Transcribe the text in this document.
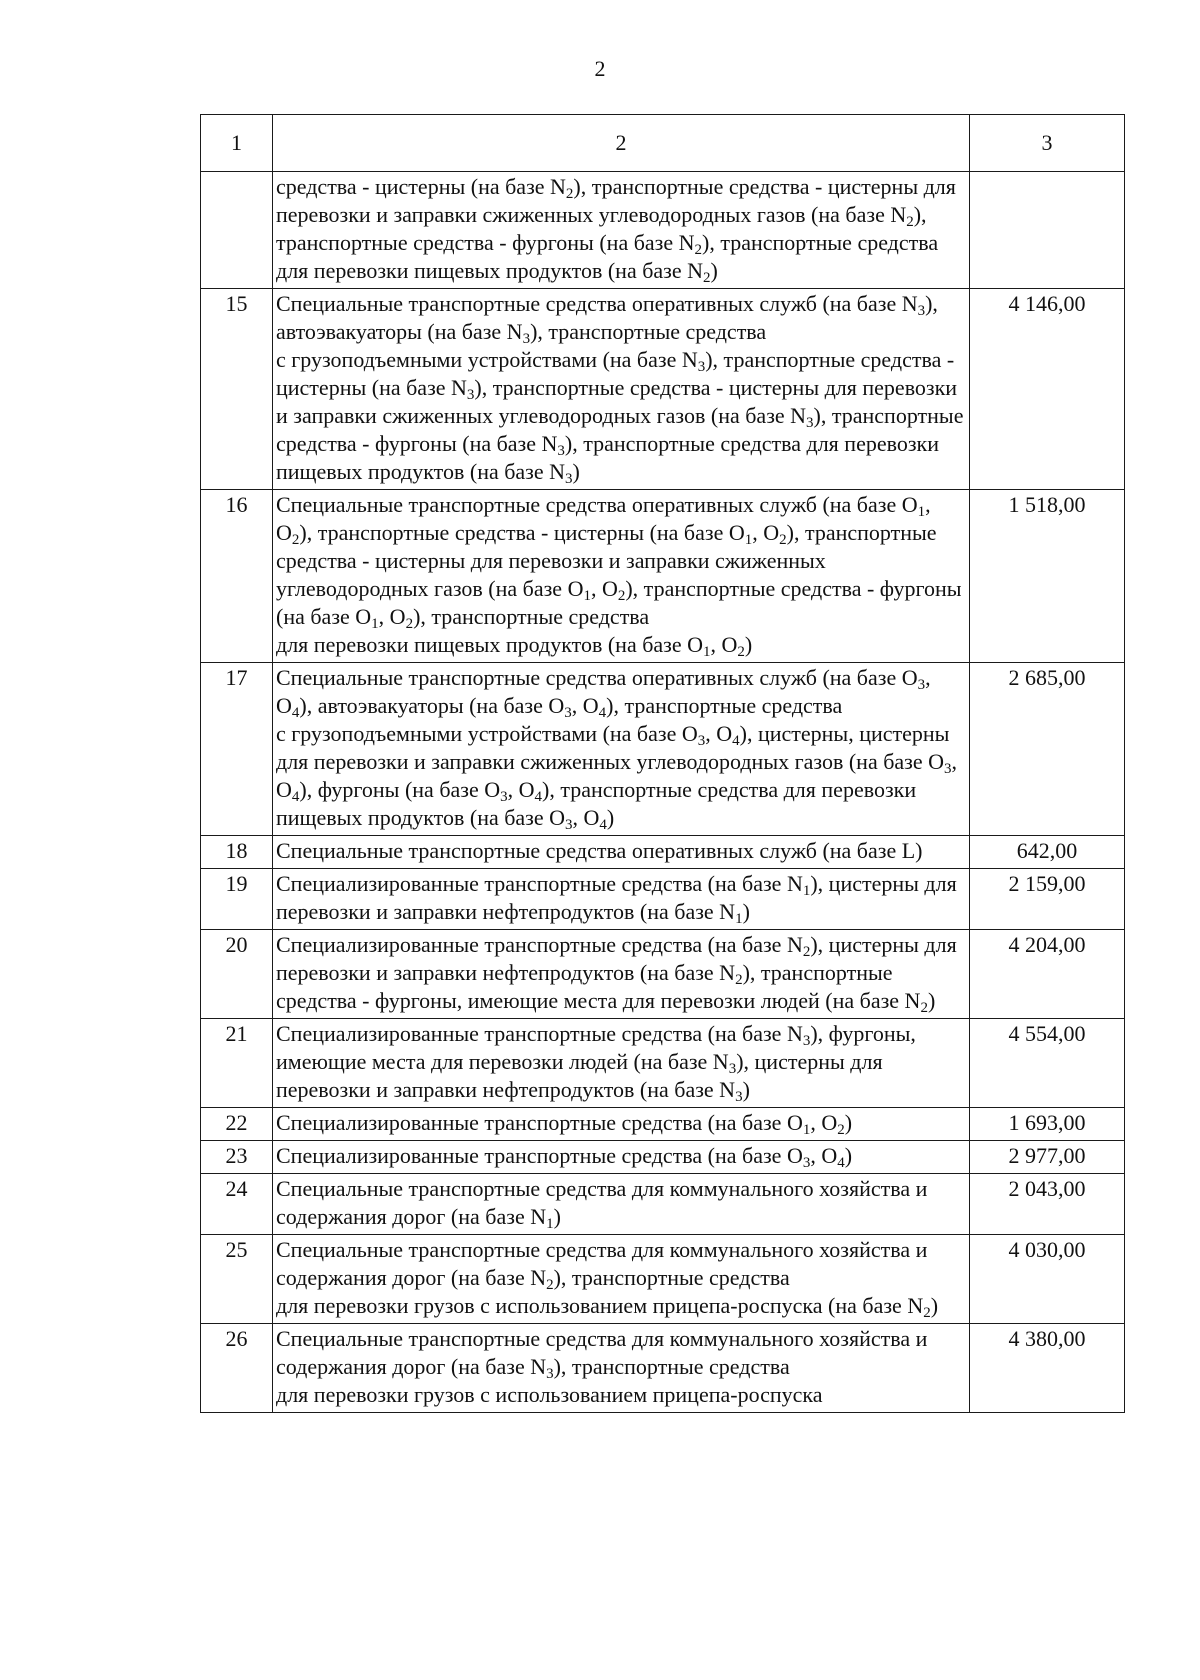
2
1	2	3
	средства - цистерны (на базе $N_2$), транспортные средства - цистерны для перевозки и заправки сжиженных углеводородных газов (на базе $N_2$), транспортные средства - фургоны (на базе $N_2$), транспортные средства для перевозки пищевых продуктов (на базе $N_2$)	
15	Специальные транспортные средства оперативных служб (на базе $N_3$), автоэвакуаторы (на базе $N_3$), транспортные средства
с грузоподъемными устройствами (на базе $N_3$), транспортные средства - цистерны (на базе $N_3$), транспортные средства - цистерны для перевозки и заправки сжиженных углеводородных газов (на базе $N_3$), транспортные средства - фургоны (на базе $N_3$), транспортные средства для перевозки пищевых продуктов (на базе $N_3$)	4 146,00
16	Специальные транспортные средства оперативных служб (на базе $O_1$, $O_2$), транспортные средства - цистерны (на базе $O_1$, $O_2$), транспортные средства - цистерны для перевозки и заправки сжиженных углеводородных газов (на базе $O_1$, $O_2$), транспортные средства - фургоны (на базе $O_1$, $O_2$), транспортные средства
для перевозки пищевых продуктов (на базе $O_1$, $O_2$)	1 518,00
17	Специальные транспортные средства оперативных служб (на базе $O_3$, $O_4$), автоэвакуаторы (на базе $O_3$, $O_4$), транспортные средства
с грузоподъемными устройствами (на базе $O_3$, $O_4$), цистерны, цистерны для перевозки и заправки сжиженных углеводородных газов (на базе $O_3$, $O_4$), фургоны (на базе $O_3$, $O_4$), транспортные средства для перевозки пищевых продуктов (на базе $O_3$, $O_4$)	2 685,00
18	Специальные транспортные средства оперативных служб (на базе L)	642,00
19	Специализированные транспортные средства (на базе $N_1$), цистерны для перевозки и заправки нефтепродуктов (на базе $N_1$)	2 159,00
20	Специализированные транспортные средства (на базе $N_2$), цистерны для перевозки и заправки нефтепродуктов (на базе $N_2$), транспортные средства - фургоны, имеющие места для перевозки людей (на базе $N_2$)	4 204,00
21	Специализированные транспортные средства (на базе $N_3$), фургоны, имеющие места для перевозки людей (на базе $N_3$), цистерны для перевозки и заправки нефтепродуктов (на базе $N_3$)	4 554,00
22	Специализированные транспортные средства (на базе $O_1$, $O_2$)	1 693,00
23	Специализированные транспортные средства (на базе $O_3$, $O_4$)	2 977,00
24	Специальные транспортные средства для коммунального хозяйства и содержания дорог (на базе $N_1$)	2 043,00
25	Специальные транспортные средства для коммунального хозяйства и содержания дорог (на базе $N_2$), транспортные средства
для перевозки грузов с использованием прицепа-роспуска (на базе $N_2$)	4 030,00
26	Специальные транспортные средства для коммунального хозяйства и содержания дорог (на базе $N_3$), транспортные средства
для перевозки грузов с использованием прицепа-роспуска	4 380,00
